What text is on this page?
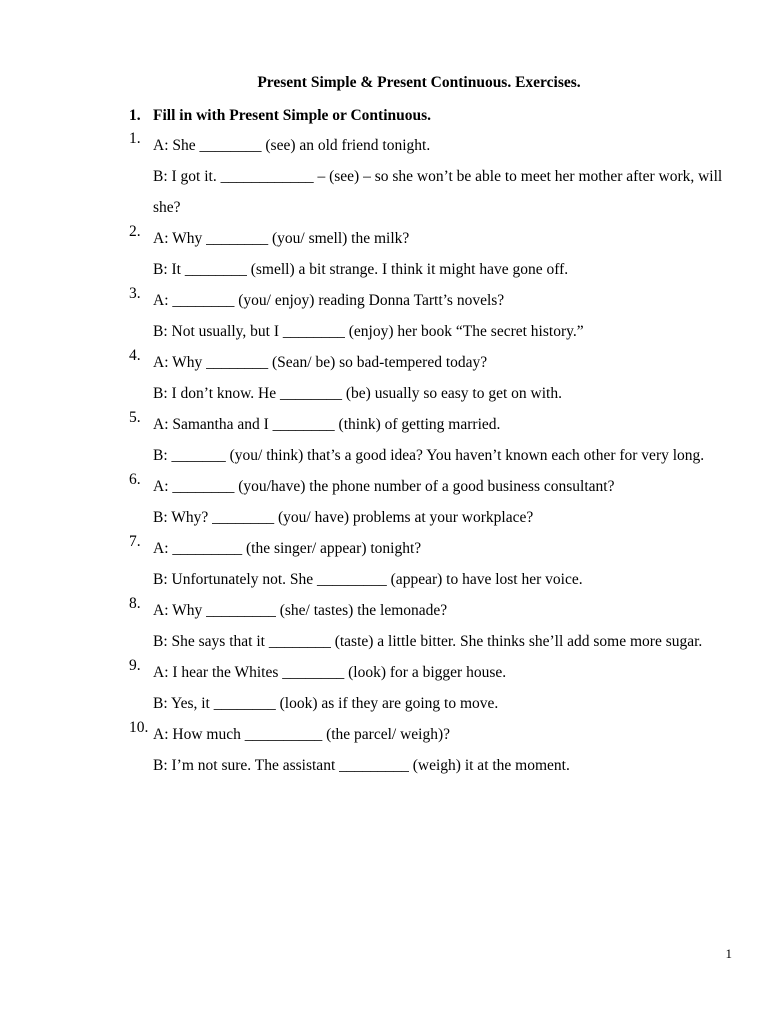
Present Simple & Present Continuous. Exercises.
1. Fill in with Present Simple or Continuous.
1. A: She ________ (see) an old friend tonight.
B: I got it. ____________ – (see) – so she won’t be able to meet her mother after work, will she?
2. A: Why ________ (you/ smell) the milk?
B: It ________ (smell) a bit strange. I think it might have gone off.
3. A: ________ (you/ enjoy) reading Donna Tartt’s novels?
B: Not usually, but I ________ (enjoy) her book “The secret history.”
4. A: Why ________ (Sean/ be) so bad-tempered today?
B: I don’t know. He ________ (be) usually so easy to get on with.
5. A: Samantha and I ________ (think) of getting married.
B: _______ (you/ think) that’s a good idea? You haven’t known each other for very long.
6. A: ________ (you/have) the phone number of a good business consultant?
B: Why? ________ (you/ have) problems at your workplace?
7. A: _________ (the singer/ appear) tonight?
B: Unfortunately not. She _________ (appear) to have lost her voice.
8. A: Why _________ (she/ tastes) the lemonade?
B: She says that it ________ (taste) a little bitter. She thinks she’ll add some more sugar.
9. A: I hear the Whites ________ (look) for a bigger house.
B: Yes, it ________ (look) as if they are going to move.
10. A: How much __________ (the parcel/ weigh)?
B: I’m not sure. The assistant _________ (weigh) it at the moment.
1
